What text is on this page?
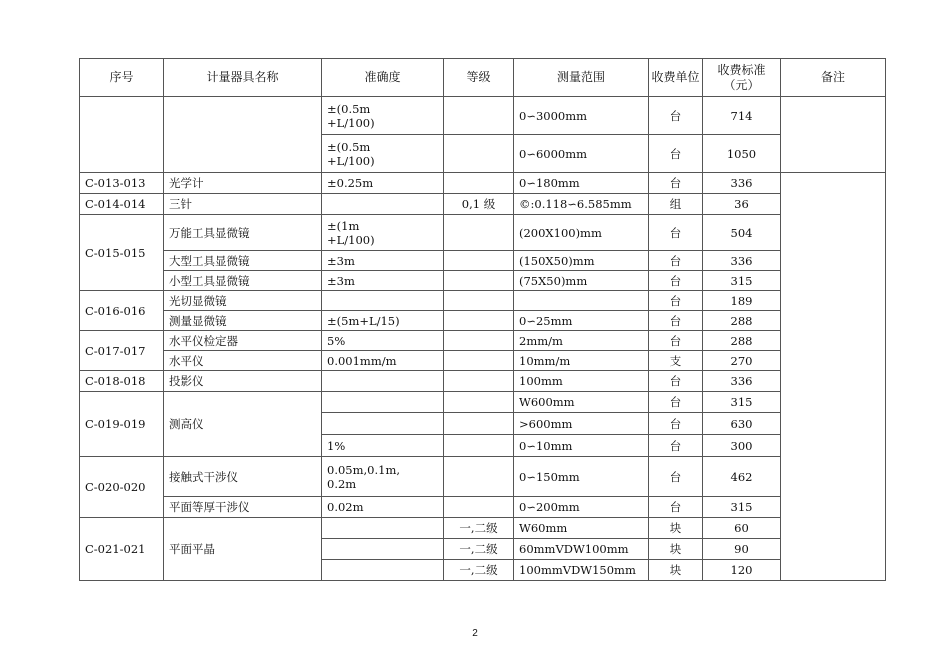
序号	计量器具名称	准确度	等级	测量范围	收费单位	收费标准（元）	备注
		±(0.5m
+L/100)		0∽3000mm	台	714	
		±(0.5m
+L/100)		0∽6000mm	台	1050	
C-013-013	光学计	±0.25m		0∽180mm	台	336	
C-014-014	三针		0,1 级	©:0.118∽6.585mm	组	36	
C-015-015	万能工具显微镜	±(1m
+L/100)		(200X100)mm	台	504	
	大型工具显微镜	±3m		(150X50)mm	台	336	
	小型工具显微镜	±3m		(75X50)mm	台	315	
C-016-016	光切显微镜				台	189	
	测量显微镜	±(5m+L/15)		0∽25mm	台	288	
C-017-017	水平仪检定器	5%		2mm/m	台	288	
	水平仪	0.001mm/m		10mm/m	支	270	
C-018-018	投影仪			100mm	台	336	
C-019-019	测高仪			W600mm	台	315	
				>600mm	台	630	
		1%		0∽10mm	台	300	
C-020-020	接触式干涉仪	0.05m,0.1m,
0.2m		0∽150mm	台	462	
	平面等厚干涉仪	0.02m		0∽200mm	台	315	
C-021-021	平面平晶		一,二级	W60mm	块	60	
			一,二级	60mmVDW100mm	块	90	
			一,二级	100mmVDW150mm	块	120	
2
